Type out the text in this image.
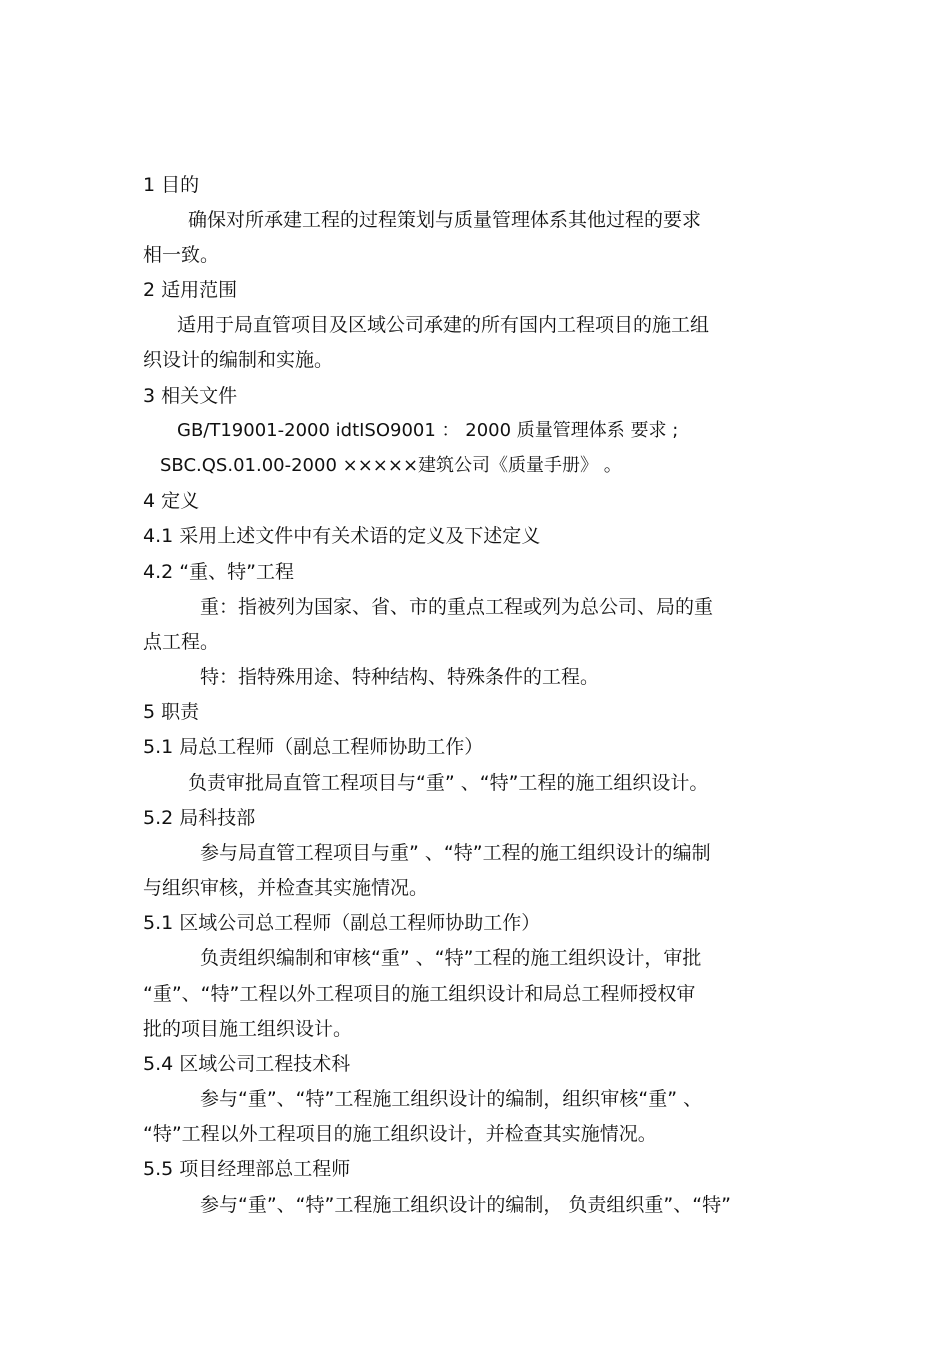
1 目的
确保对所承建工程的过程策划与质量管理体系其他过程的要求
相一致。
2 适用范围
适用于局直管项目及区域公司承建的所有国内工程项目的施工组
织设计的编制和实施。
3 相关文件
GB/T19001-2000 idtISO9001 ： 2000 质量管理体系 要求 ;
SBC.QS.01.00-2000 ×××××建筑公司《质量手册》 。
4 定义
4.1 采用上述文件中有关术语的定义及下述定义
4.2 “重、特”工程
重：指被列为国家、省、市的重点工程或列为总公司、局的重
点工程。
特：指特殊用途、特种结构、特殊条件的工程。
5 职责
5.1 局总工程师（副总工程师协助工作）
负责审批局直管工程项目与“重” 、“特”工程的施工组织设计。
5.2 局科技部
参与局直管工程项目与重” 、“特”工程的施工组织设计的编制
与组织审核，并检查其实施情况。
5.1 区域公司总工程师（副总工程师协助工作）
负责组织编制和审核“重” 、“特”工程的施工组织设计，审批
“重”、“特”工程以外工程项目的施工组织设计和局总工程师授权审
批的项目施工组织设计。
5.4 区域公司工程技术科
参与“重”、“特”工程施工组织设计的编制，组织审核“重” 、
“特”工程以外工程项目的施工组织设计，并检查其实施情况。
5.5 项目经理部总工程师
参与“重”、“特”工程施工组织设计的编制， 负责组织重”、“特”
